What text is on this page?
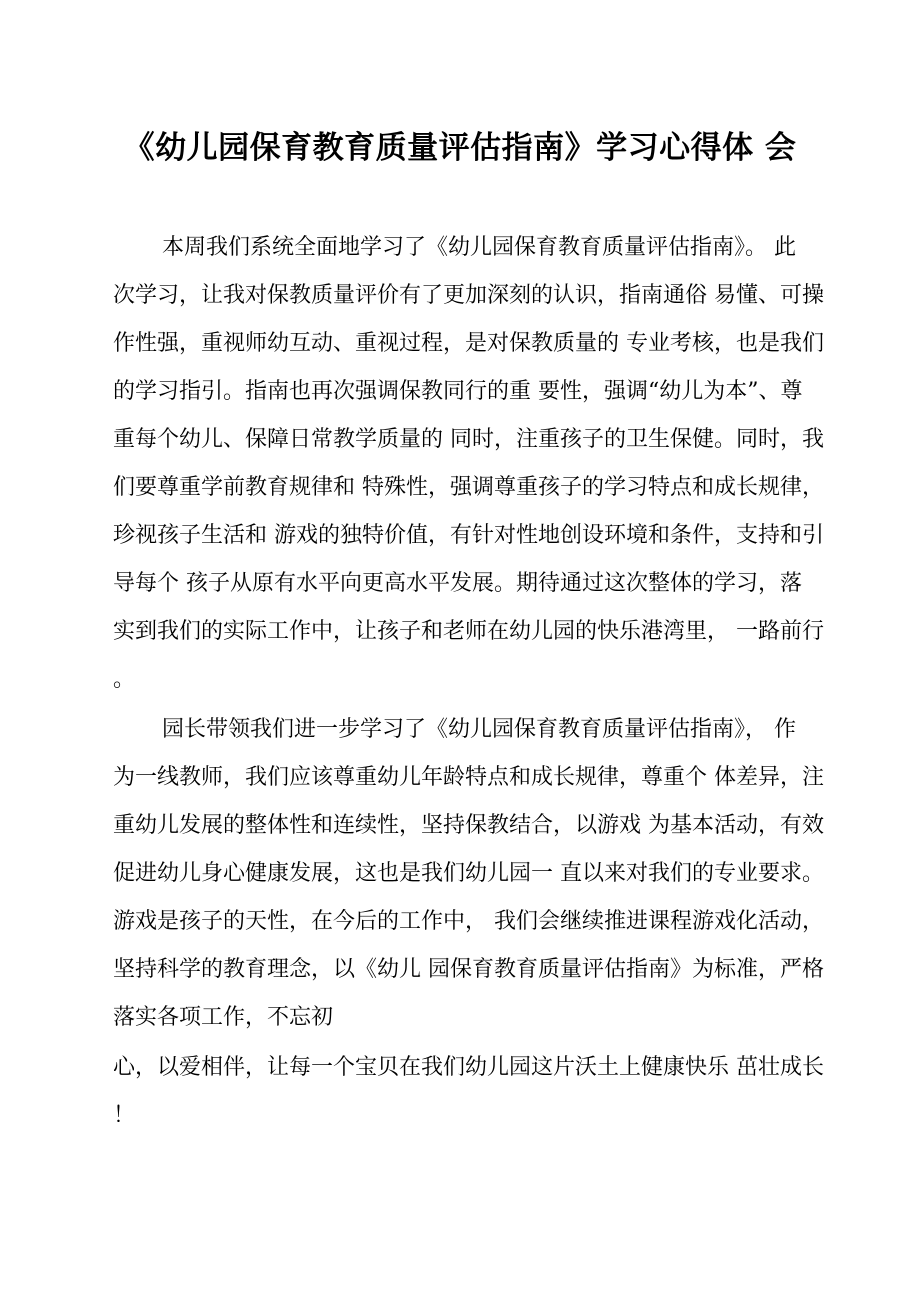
《幼儿园保育教育质量评估指南》学习心得体 会
本周我们系统全面地学习了《幼儿园保育教育质量评估指南》。 此
次学习，让我对保教质量评价有了更加深刻的认识，指南通俗 易懂、可操
作性强，重视师幼互动、重视过程，是对保教质量的 专业考核，也是我们
的学习指引。指南也再次强调保教同行的重 要性，强调“幼儿为本”、尊
重每个幼儿、保障日常教学质量的 同时，注重孩子的卫生保健。同时，我
们要尊重学前教育规律和 特殊性，强调尊重孩子的学习特点和成长规律，
珍视孩子生活和 游戏的独特价值，有针对性地创设环境和条件，支持和引
导每个 孩子从原有水平向更高水平发展。期待通过这次整体的学习，落
实到我们的实际工作中，让孩子和老师在幼儿园的快乐港湾里， 一路前行
。
园长带领我们进一步学习了《幼儿园保育教育质量评估指南》， 作
为一线教师，我们应该尊重幼儿年龄特点和成长规律，尊重个 体差异，注
重幼儿发展的整体性和连续性，坚持保教结合，以游戏 为基本活动，有效
促进幼儿身心健康发展，这也是我们幼儿园一 直以来对我们的专业要求。
游戏是孩子的天性，在今后的工作中， 我们会继续推进课程游戏化活动，
坚持科学的教育理念，以《幼儿 园保育教育质量评估指南》为标准，严格
落实各项工作，不忘初
心，以爱相伴，让每一个宝贝在我们幼儿园这片沃土上健康快乐 茁壮成长
！
